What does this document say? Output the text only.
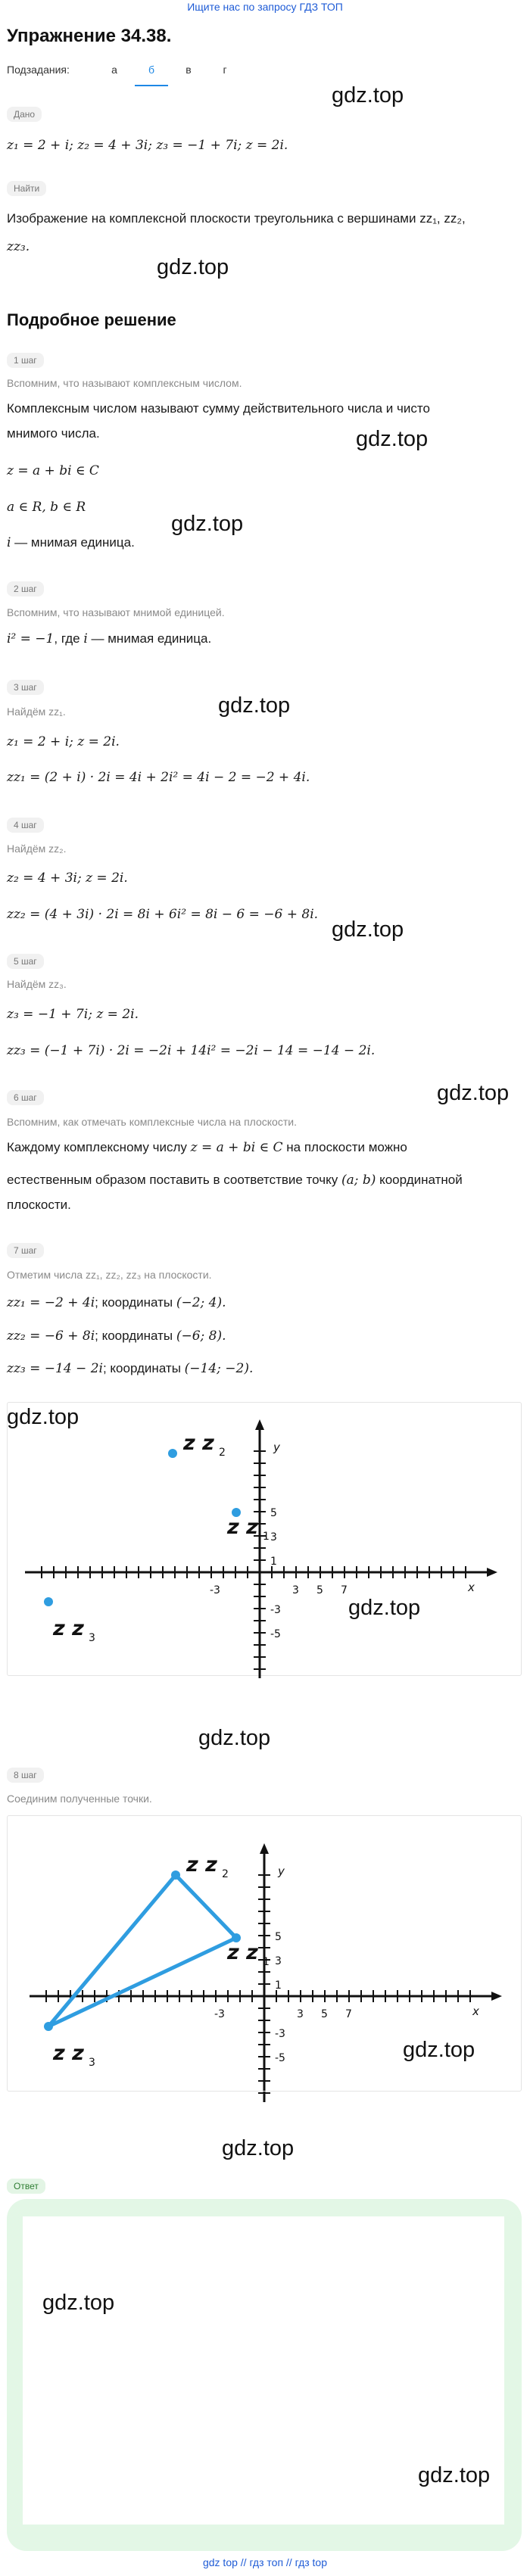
Ищите нас по запросу ГДЗ ТОП
Упражнение 34.38.
Подзадания:	а	б	в	г
Дано
gdz.top
z₁ = 2 + i; z₂ = 4 + 3i; z₃ = −1 + 7i; z = 2i.
Найти
Изображение на комплексной плоскости треугольника с вершинами zz₁, zz₂,
zz₃.
gdz.top
Подробное решение
1 шаг
Вспомним, что называют комплексным числом.
Комплексным числом называют сумму действительного числа и чисто
gdz.top
мнимого числа.
z = a + bi ∈ C
a ∈ R, b ∈ R
gdz.top
i — мнимая единица.
2 шаг
Вспомним, что называют мнимой единицей.
i² = −1, где i — мнимая единица.
gdz.top
3 шаг
Найдём zz₁.
z₁ = 2 + i; z = 2i.
zz₁ = (2 + i) · 2i = 4i + 2i² = 4i − 2 = −2 + 4i.
4 шаг
Найдём zz₂.
z₂ = 4 + 3i; z = 2i.
zz₂ = (4 + 3i) · 2i = 8i + 6i² = 8i − 6 = −6 + 8i.
gdz.top
5 шаг
Найдём zz₃.
z₃ = −1 + 7i; z = 2i.
zz₃ = (−1 + 7i) · 2i = −2i + 14i² = −2i − 14 = −14 − 2i.
6 шаг	gdz.top
Вспомним, как отмечать комплексные числа на плоскости.
Каждому комплексному числу z = a + bi ∈ C на плоскости можно
естественным образом поставить в соответствие точку (a; b) координатной
плоскости.
7 шаг
Отметим числа zz₁, zz₂, zz₃ на плоскости.
zz₁ = −2 + 4i; координаты (−2; 4).
zz₂ = −6 + 8i; координаты (−6; 8).
zz₃ = −14 − 2i; координаты (−14; −2).
gdz.top
gdz.top
x
y
-3	3 5 7
5
3
1
-3
-5
z z 2
z z 1
z z 3
x
y
-3	3 5 7
5
3
1
-3
-5
z z 2
z z 1
z z 3
gdz.top
8 шаг
Соединим полученные точки.
gdz.top
gdz.top
Ответ
gdz.top
gdz.top
gdz top // гдз топ // гдз top
